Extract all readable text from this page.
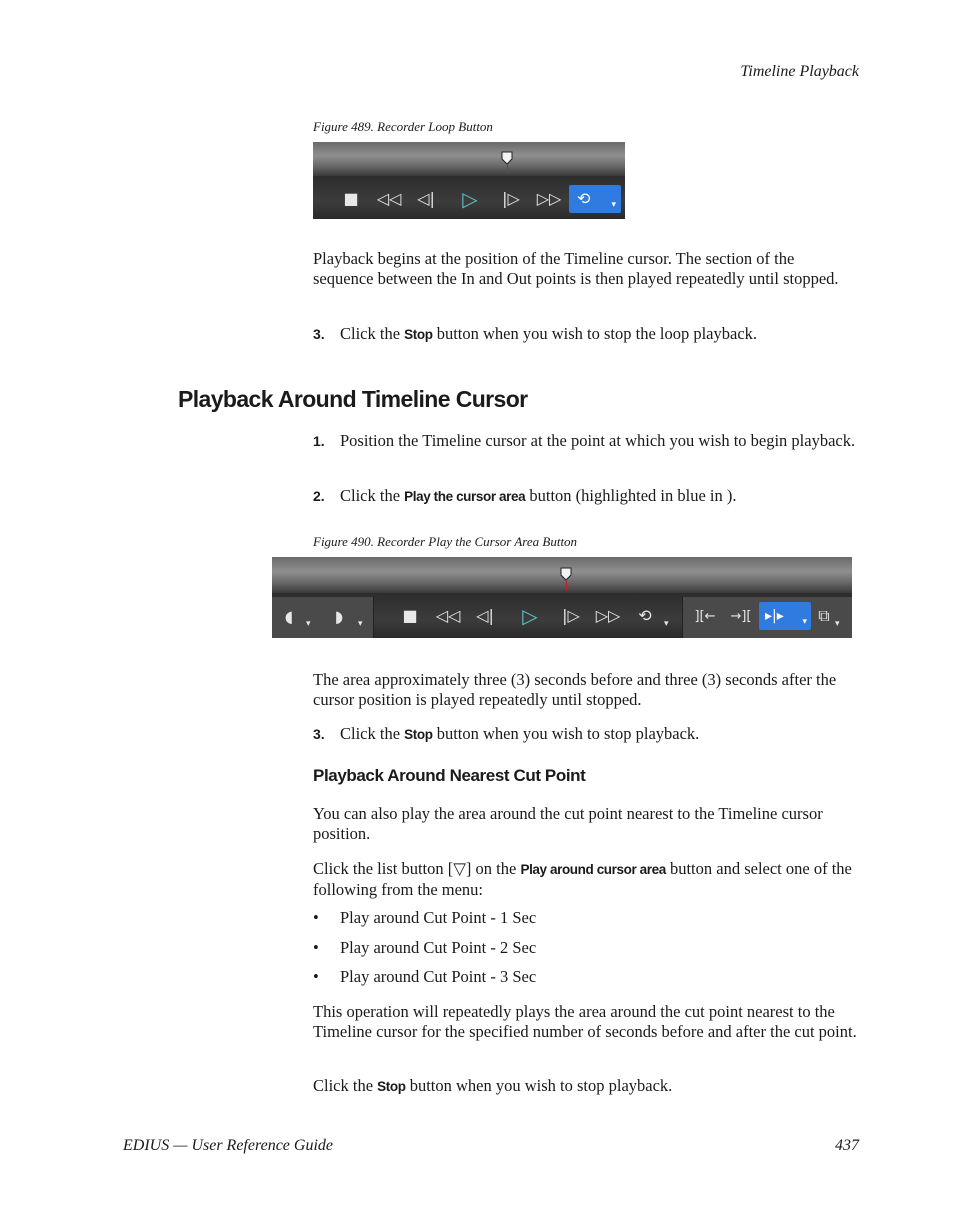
Timeline Playback
Figure 489. Recorder Loop Button
■ ◁◁ ◁| ▷ |▷ ▷▷ ⟲ ▾
Playback begins at the position of the Timeline cursor. The section of the sequence between the In and Out points is then played repeatedly until stopped.
3. Click the Stop button when you wish to stop the loop playback.
Playback Around Timeline Cursor
1. Position the Timeline cursor at the point at which you wish to begin playback.
2. Click the Play the cursor area button (highlighted in blue in ).
Figure 490. Recorder Play the Cursor Area Button
◖ ▾ ◗ ▾ ■ ◁◁ ◁| ▷ |▷ ▷▷ ⟲ ▾
][← →][ ▸|▸ ▾ ⧉ ▾
The area approximately three (3) seconds before and three (3) seconds after the cursor position is played repeatedly until stopped.
3. Click the Stop button when you wish to stop playback.
Playback Around Nearest Cut Point
You can also play the area around the cut point nearest to the Timeline cursor position.
Click the list button [▽] on the Play around cursor area button and select one of the following from the menu:
• Play around Cut Point - 1 Sec
• Play around Cut Point - 2 Sec
• Play around Cut Point - 3 Sec
This operation will repeatedly plays the area around the cut point nearest to the Timeline cursor for the specified number of seconds before and after the cut point.
Click the Stop button when you wish to stop playback.
EDIUS — User Reference Guide	437
